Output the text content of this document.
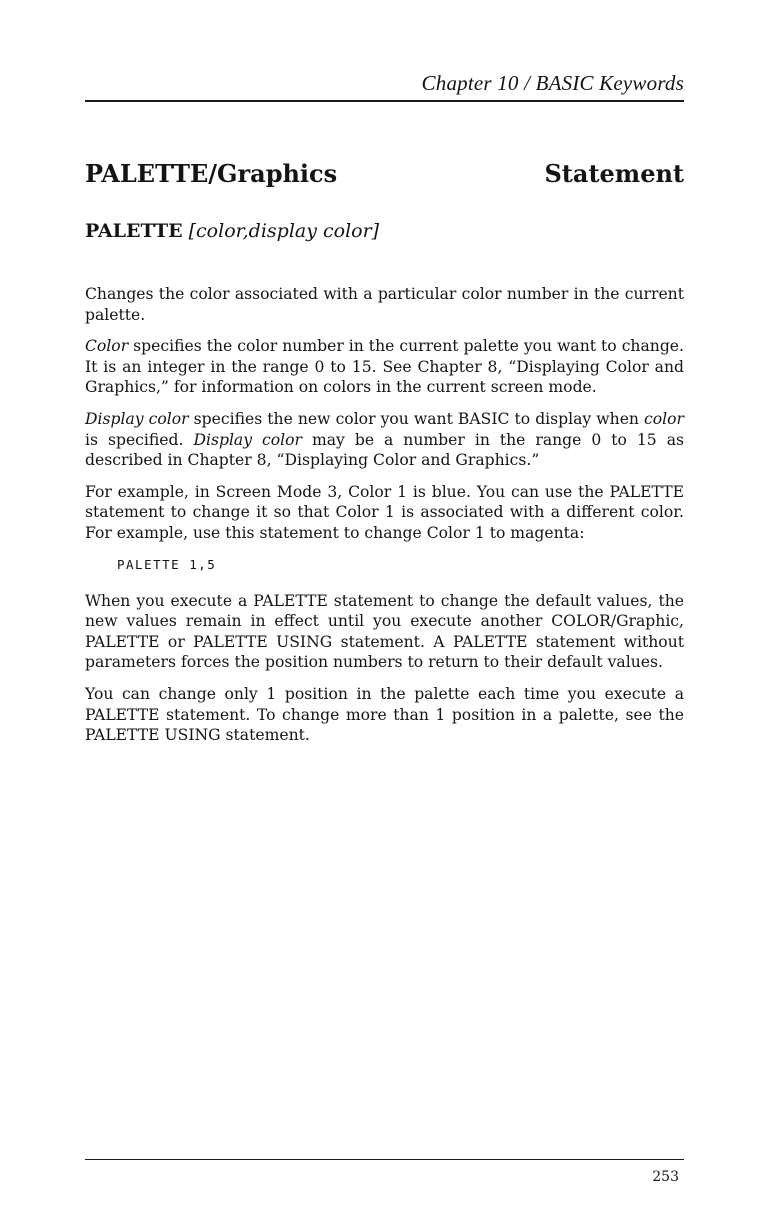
Chapter 10 / BASIC Keywords
PALETTE/Graphics	Statement
PALETTE [color,display color]

Changes the color associated with a particular color number in the current palette.

Color specifies the color number in the current palette you want to change. It is an integer in the range 0 to 15. See Chapter 8, “Displaying Color and Graphics,” for information on colors in the current screen mode.

Display color specifies the new color you want BASIC to display when color is specified. Display color may be a number in the range 0 to 15 as described in Chapter 8, “Displaying Color and Graphics.”

For example, in Screen Mode 3, Color 1 is blue. You can use the PALETTE statement to change it so that Color 1 is associated with a different color. For example, use this statement to change Color 1 to magenta:

PALETTE 1,5

When you execute a PALETTE statement to change the default values, the new values remain in effect until you execute another COLOR/Graphic, PALETTE or PALETTE USING statement. A PALETTE statement without parameters forces the position numbers to return to their default values.

You can change only 1 position in the palette each time you execute a PALETTE statement. To change more than 1 position in a palette, see the PALETTE USING statement.

253
